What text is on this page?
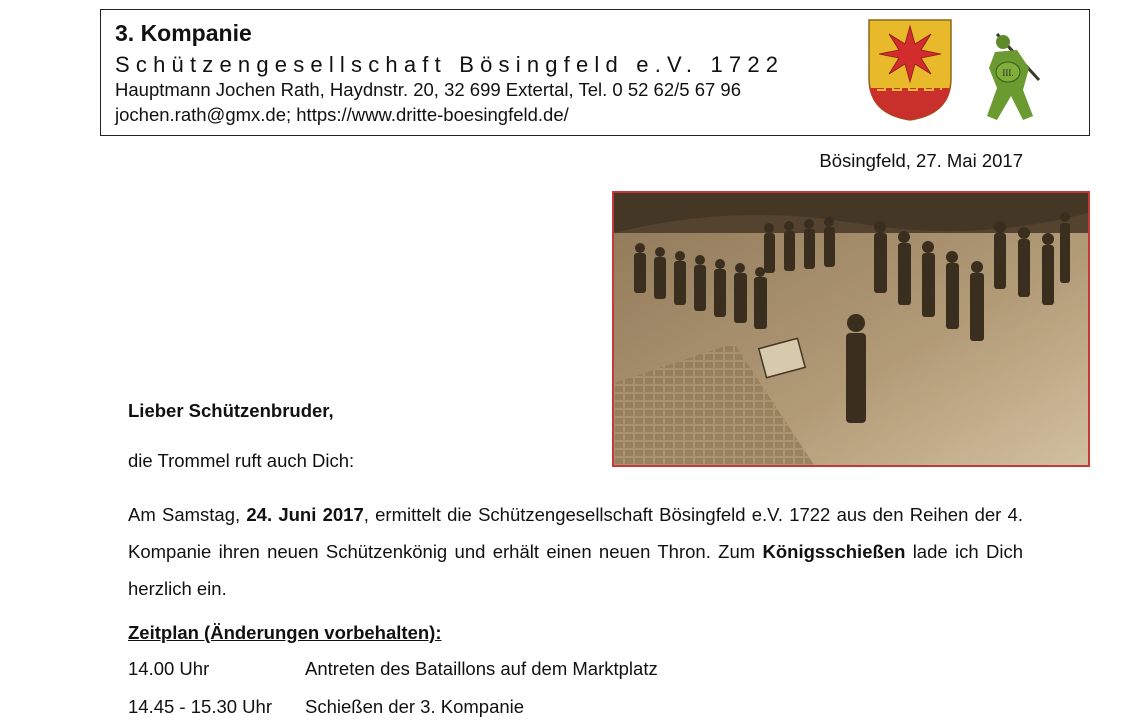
3. Kompanie
Schützengesellschaft Bösingfeld e.V. 1722
Hauptmann Jochen Rath, Haydnstr. 20, 32 699 Extertal, Tel. 0 52 62/5 67 96
jochen.rath@gmx.de; https://www.dritte-boesingfeld.de/
III.
Bösingfeld, 27. Mai 2017
Lieber Schützenbruder,
die Trommel ruft auch Dich:
Am Samstag, 24. Juni 2017, ermittelt die Schützengesellschaft Bösingfeld e.V. 1722 aus den Reihen der 4. Kompanie ihren neuen Schützenkönig und erhält einen neuen Thron. Zum Königsschießen lade ich Dich herzlich ein.
Zeitplan (Änderungen vorbehalten):
14.00 Uhr	Antreten des Bataillons auf dem Marktplatz
14.45 - 15.30 Uhr Schießen der 3. Kompanie
